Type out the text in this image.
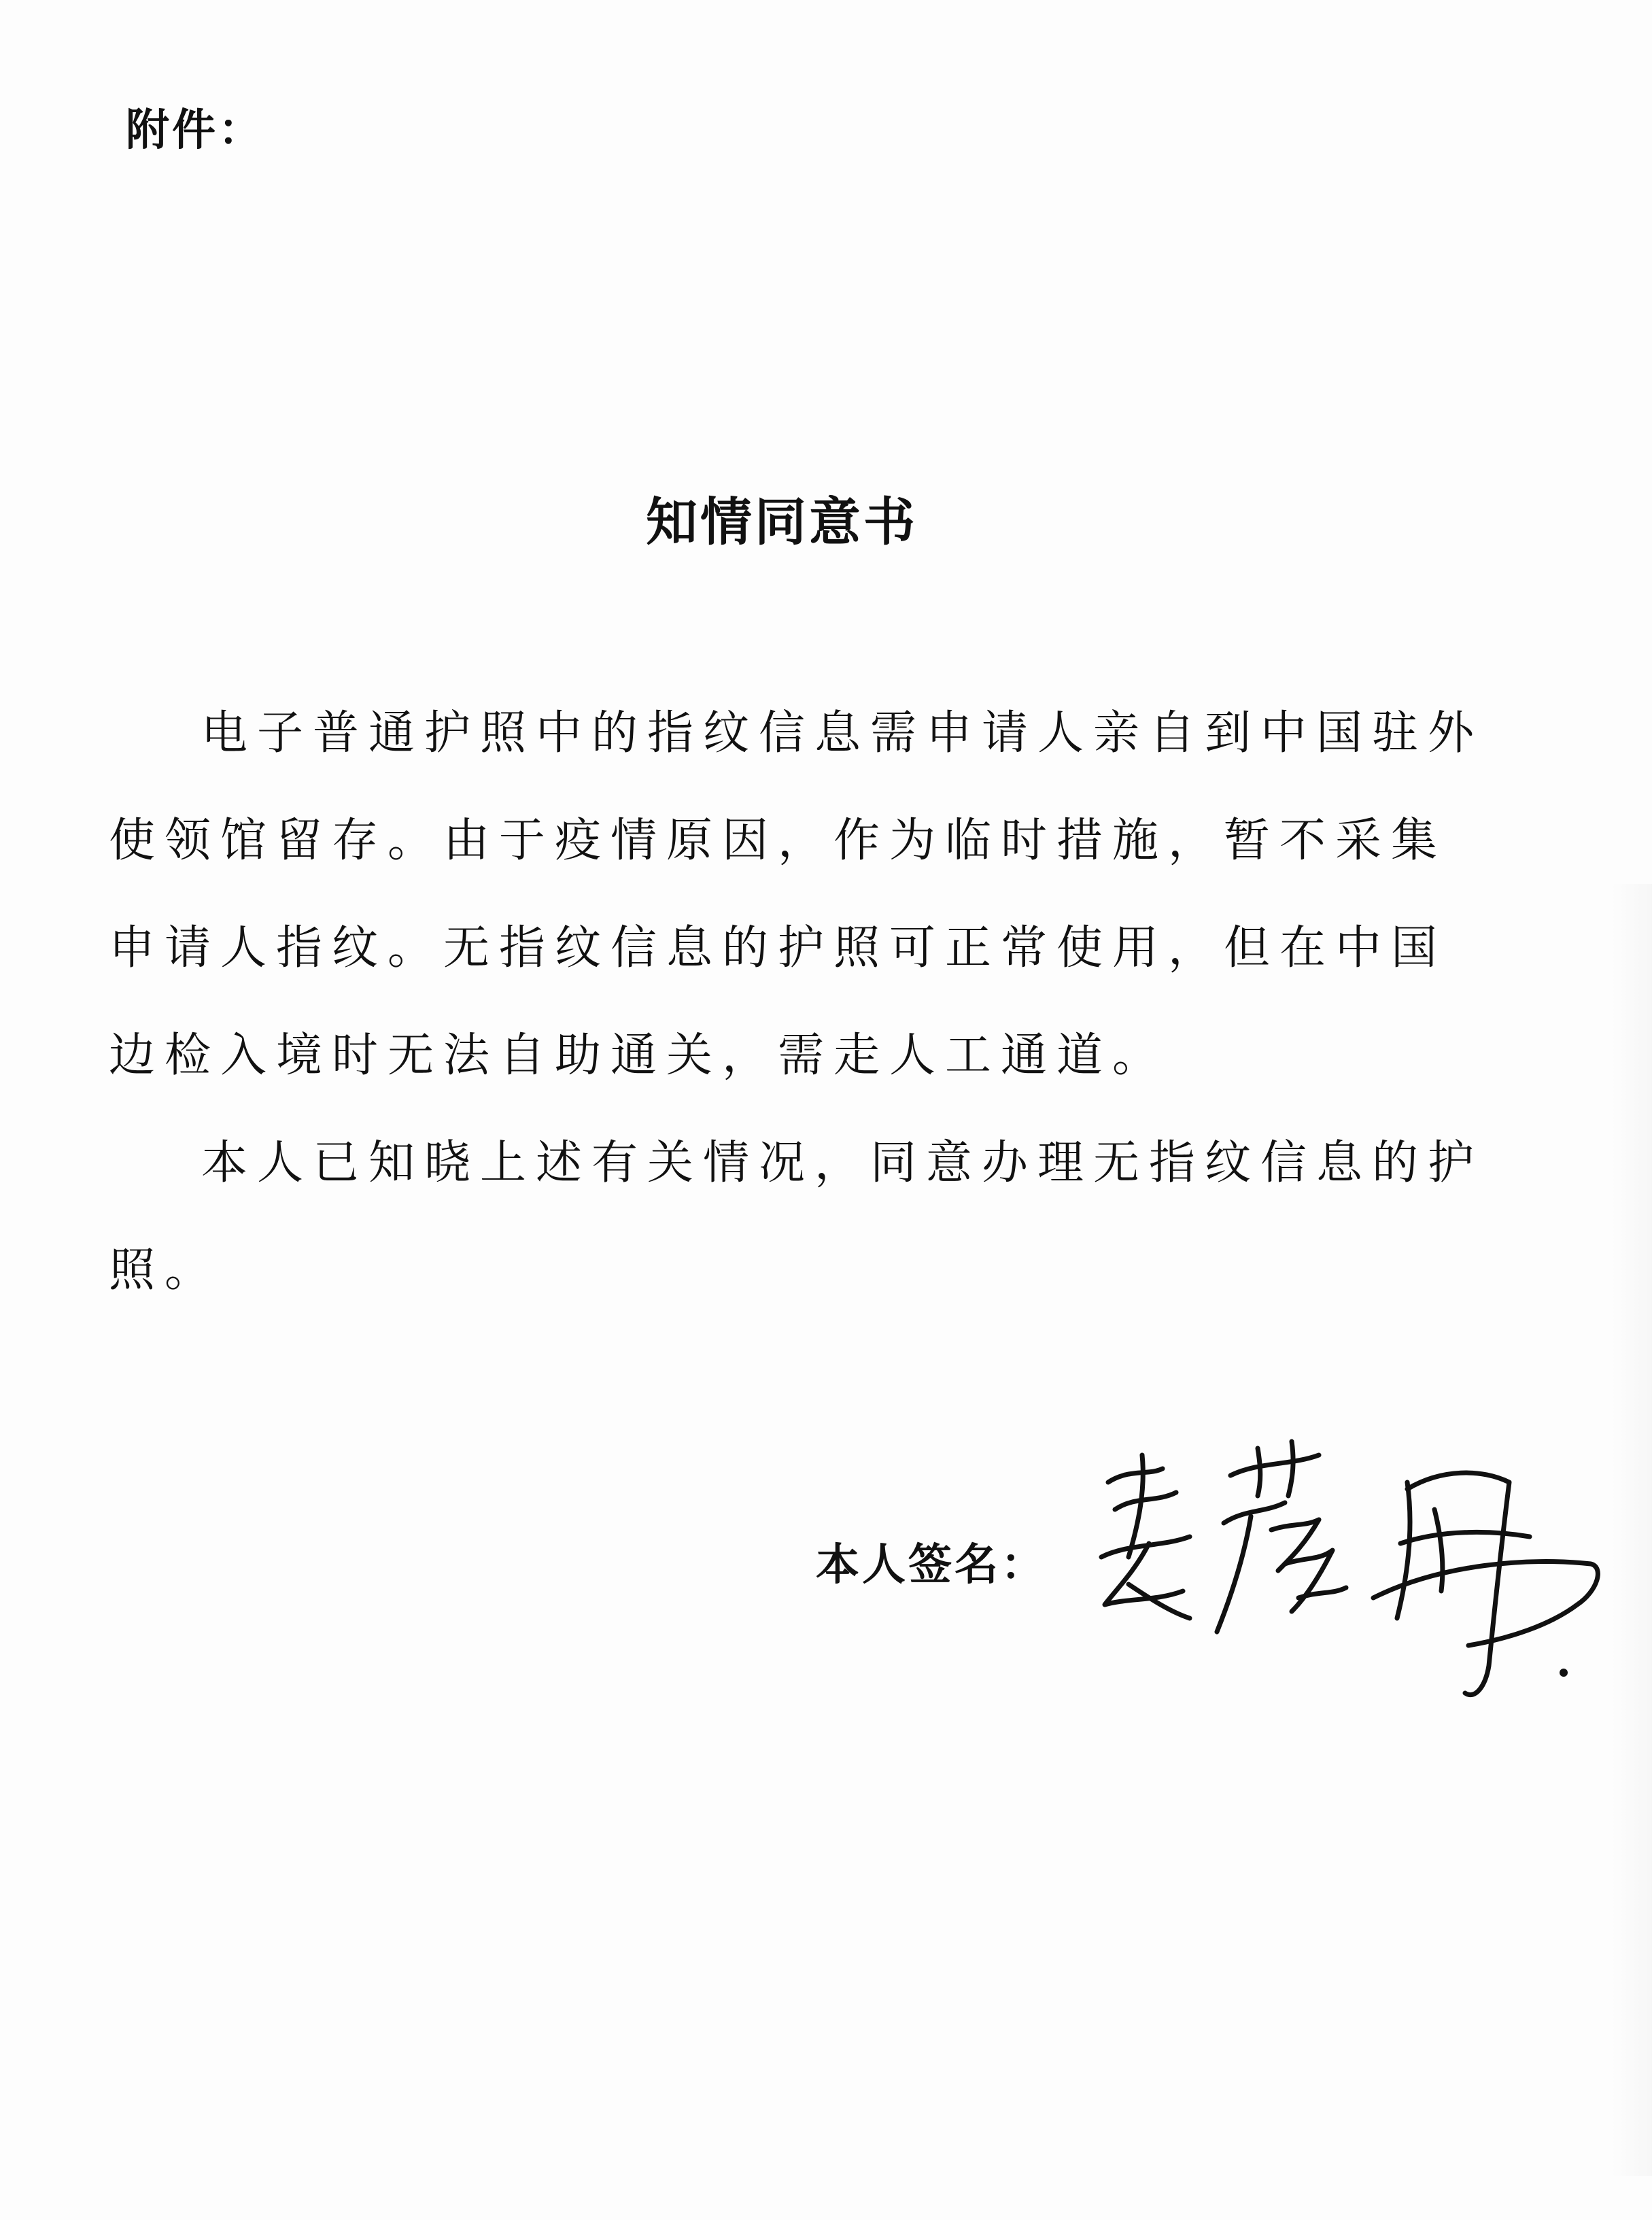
附件：
知情同意书

电子普通护照中的指纹信息需申请人亲自到中国驻外使领馆留存。由于疫情原因，作为临时措施，暂不采集申请人指纹。无指纹信息的护照可正常使用，但在中国边检入境时无法自助通关，需走人工通道。

本人已知晓上述有关情况，同意办理无指纹信息的护照。

本人签名：
